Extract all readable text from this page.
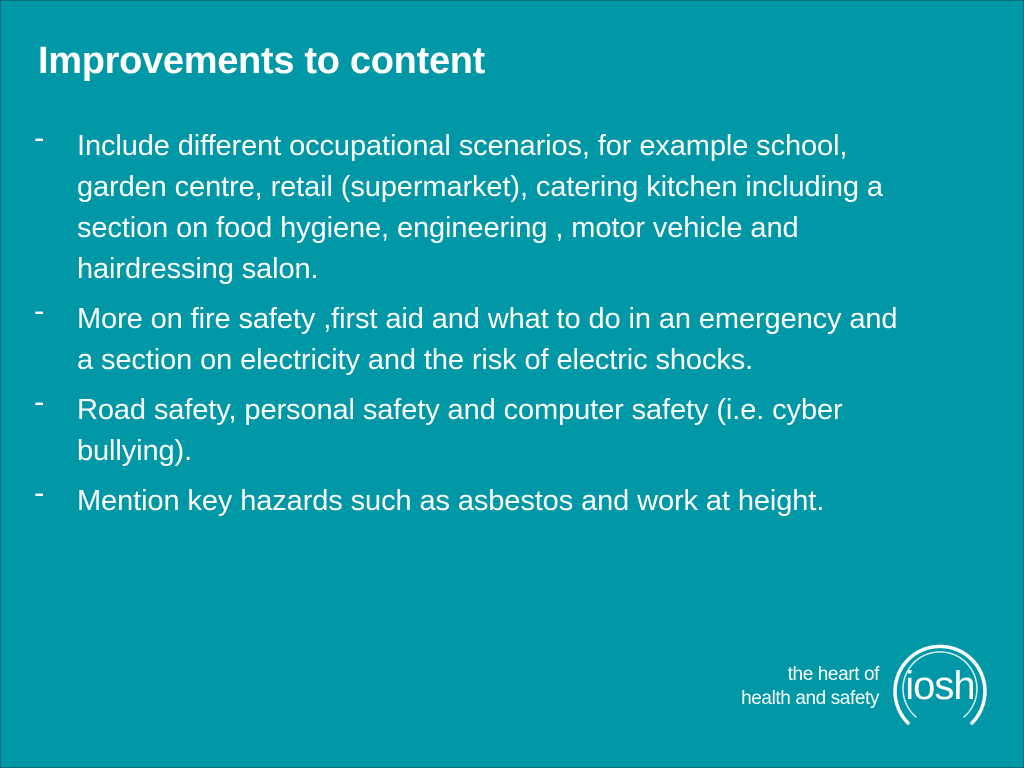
Improvements to content
-	Include different occupational scenarios, for example school, garden centre, retail (supermarket), catering kitchen including a section on food hygiene, engineering , motor vehicle and hairdressing salon.
-	More on fire safety ,first aid and what to do in an emergency and a section on electricity and the risk of electric shocks.
-	Road safety, personal safety and computer safety (i.e. cyber bullying).
-	Mention key hazards such as asbestos and work at height.
the heart of
health and safety iosh
